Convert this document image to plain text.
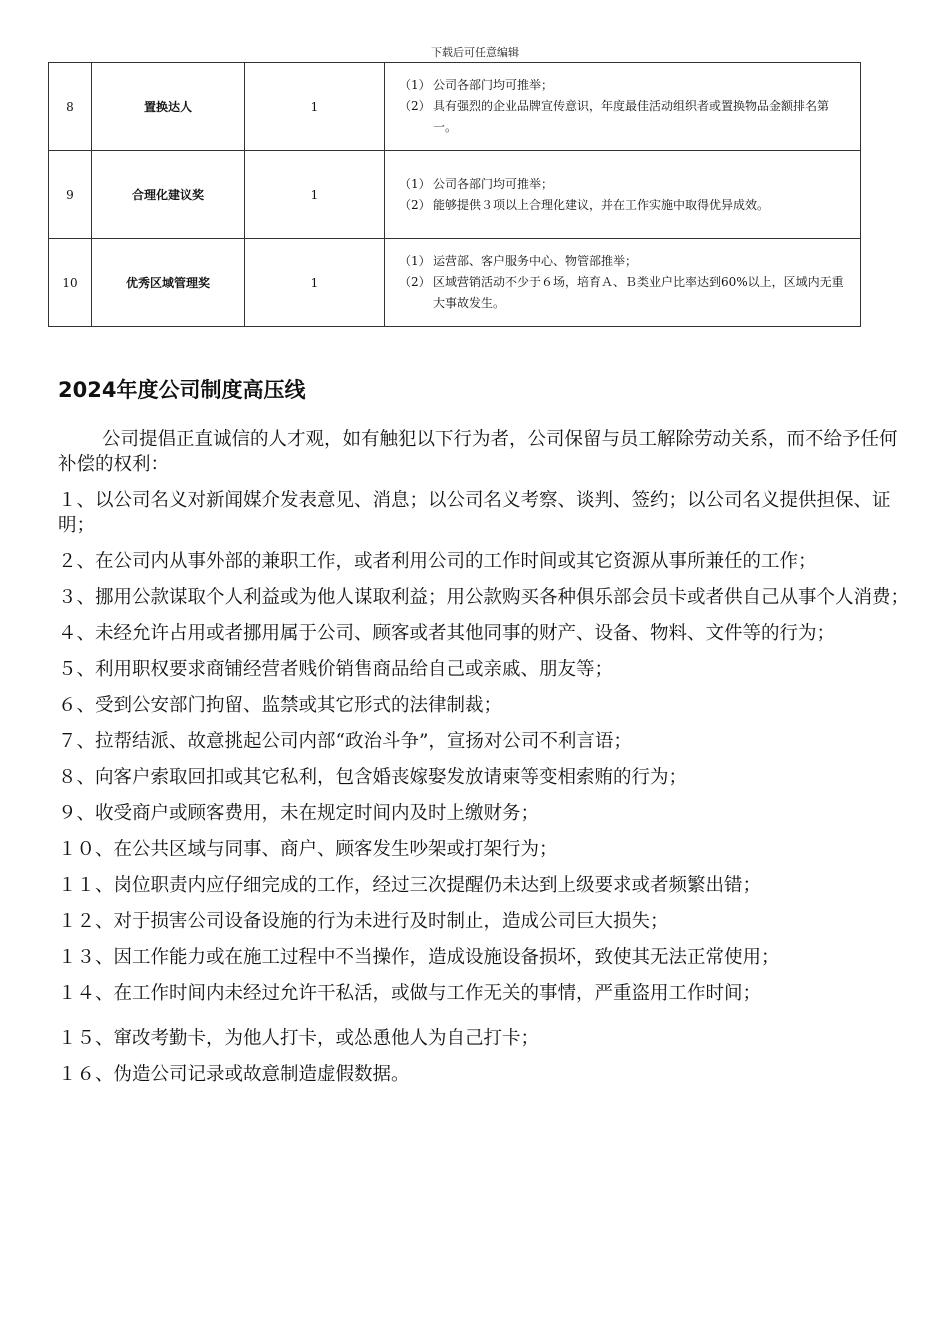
下载后可任意编辑
8	置换达人	1	（1） 公司各部门均可推举；
（2） 具有强烈的企业品牌宣传意识，年度最佳活动组织者或置换物品金额排名第一。

9	合理化建议奖	1	（1） 公司各部门均可推举；
（2） 能够提供３项以上合理化建议，并在工作实施中取得优异成效。

10	优秀区域管理奖	1	（1） 运营部、客户服务中心、物管部推举；
（2） 区域营销活动不少于６场，培育Ａ、Ｂ类业户比率达到60%以上，区域内无重大事故发生。
2024年度公司制度高压线
公司提倡正直诚信的人才观，如有触犯以下行为者，公司保留与员工解除劳动关系，而不给予任何补偿的权利：

１、以公司名义对新闻媒介发表意见、消息；以公司名义考察、谈判、签约；以公司名义提供担保、证明；

２、在公司内从事外部的兼职工作，或者利用公司的工作时间或其它资源从事所兼任的工作；

３、挪用公款谋取个人利益或为他人谋取利益；用公款购买各种俱乐部会员卡或者供自己从事个人消费；

４、未经允许占用或者挪用属于公司、顾客或者其他同事的财产、设备、物料、文件等的行为；

５、利用职权要求商铺经营者贱价销售商品给自己或亲戚、朋友等；

６、受到公安部门拘留、监禁或其它形式的法律制裁；

７、拉帮结派、故意挑起公司内部“政治斗争”，宣扬对公司不利言语；

８、向客户索取回扣或其它私利，包含婚丧嫁娶发放请柬等变相索贿的行为；

９、收受商户或顾客费用，未在规定时间内及时上缴财务；

１０、在公共区域与同事、商户、顾客发生吵架或打架行为；

１１、岗位职责内应仔细完成的工作，经过三次提醒仍未达到上级要求或者频繁出错；

１２、对于损害公司设备设施的行为未进行及时制止，造成公司巨大损失；

１３、因工作能力或在施工过程中不当操作，造成设施设备损坏，致使其无法正常使用；

１４、在工作时间内未经过允许干私活，或做与工作无关的事情，严重盗用工作时间；

１５、窜改考勤卡，为他人打卡，或怂恿他人为自己打卡；

１６、伪造公司记录或故意制造虚假数据。
